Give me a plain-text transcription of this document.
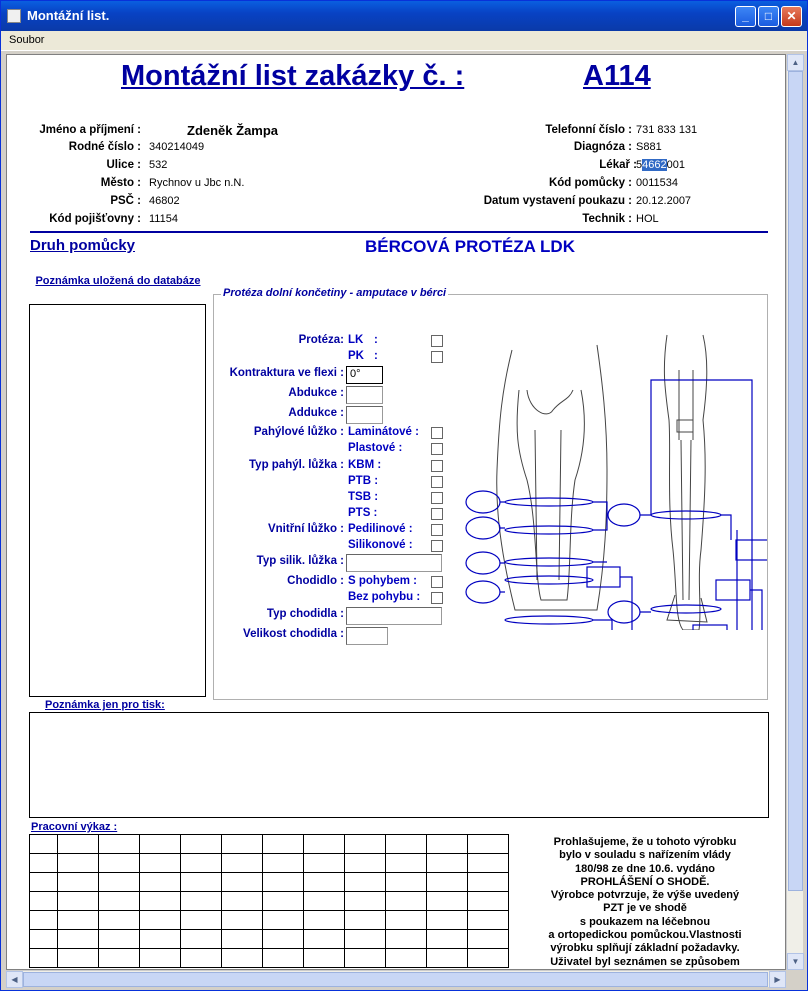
Montážní list.	_	□	✕
Soubor
Montážní list zakázky č. :	A114
Jméno a příjmení :	Zdeněk Žampa
Rodné číslo : 340214049
Ulice : 532
Město : Rychnov u Jbc n.N.
PSČ : 46802
Kód pojišťovny : 11154
Telefonní číslo : 731 833 131
Diagnóza : S881
Kód pomůcky : 0011534
Datum vystavení poukazu : 20.12.2007
Technik : HOL
Lékař : 54662001
Druh pomůcky	BÉRCOVÁ PROTÉZA LDK
Poznámka uložená do databáze
Protéza dolní končetiny - amputace v bérci
Protéza: LK :
PK :
Kontraktura ve flexi : 0°
Abdukce :
Addukce :
Pahýlové lůžko : Laminátové :
Plastové :
Typ pahýl. lůžka : KBM :
PTB :
TSB :
PTS :
Vnitřní lůžko : Pedilinové :
Silikonové :
Typ silik. lůžka :
Chodidlo : S pohybem :
Bez pohybu :
Typ chodidla :
Velikost chodidla :
Poznámka jen pro tisk:
Pracovní výkaz :

Prohlašujeme, že u tohoto výrobku
bylo v souladu s nařízením vlády
180/98 ze dne 10.6. vydáno
PROHLÁŠENÍ O SHODĚ.
Výrobce potvrzuje, že výše uvedený
PZT je ve shodě
s poukazem na léčebnou
a ortopedickou pomůckou.Vlastnosti
výrobku splňují základní požadavky.
Uživatel byl seznámen se způsobem
▲
▼
◀	▶
